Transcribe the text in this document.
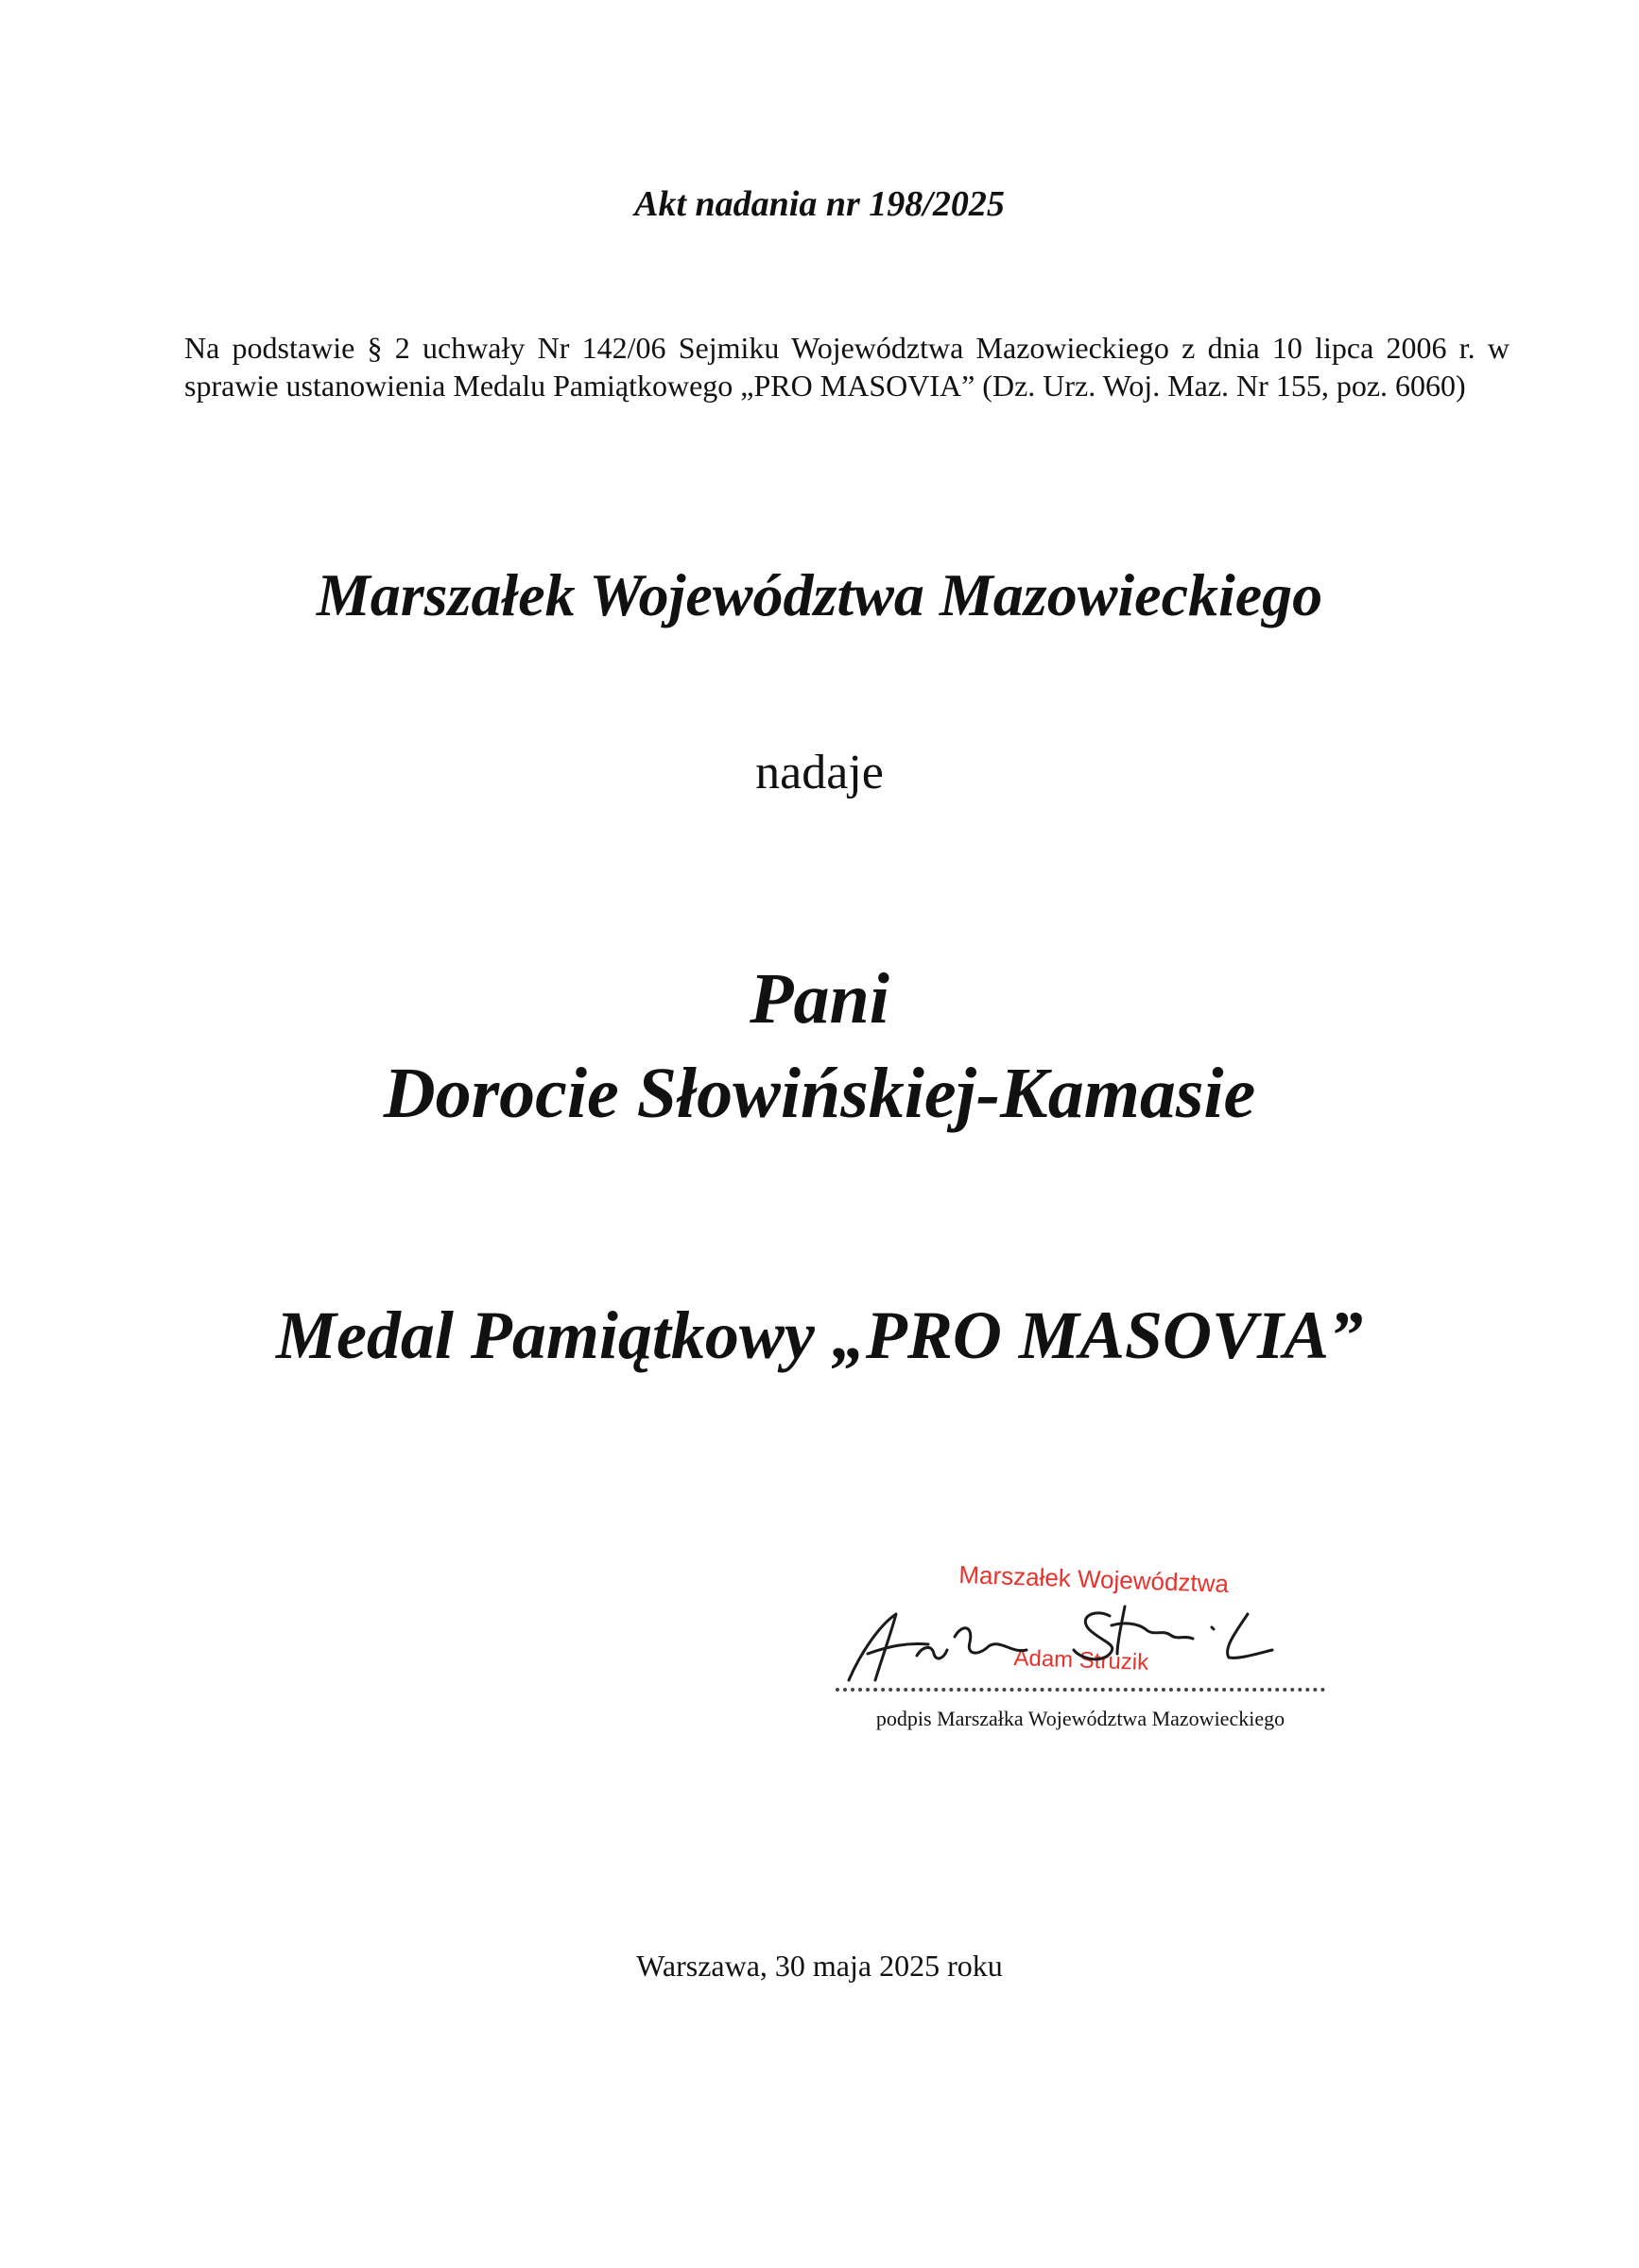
Akt nadania nr 198/2025
Na podstawie § 2 uchwały Nr 142/06 Sejmiku Województwa Mazowieckiego z dnia 10 lipca 2006 r. w sprawie ustanowienia Medalu Pamiątkowego „PRO MASOVIA” (Dz. Urz. Woj. Maz. Nr 155, poz. 6060)
Marszałek Województwa Mazowieckiego
nadaje
Pani
Dorocie Słowińskiej-Kamasie
Medal Pamiątkowy „PRO MASOVIA”
Marszałek Województwa
Adam Struzik
podpis Marszałka Województwa Mazowieckiego
Warszawa, 30 maja 2025 roku
